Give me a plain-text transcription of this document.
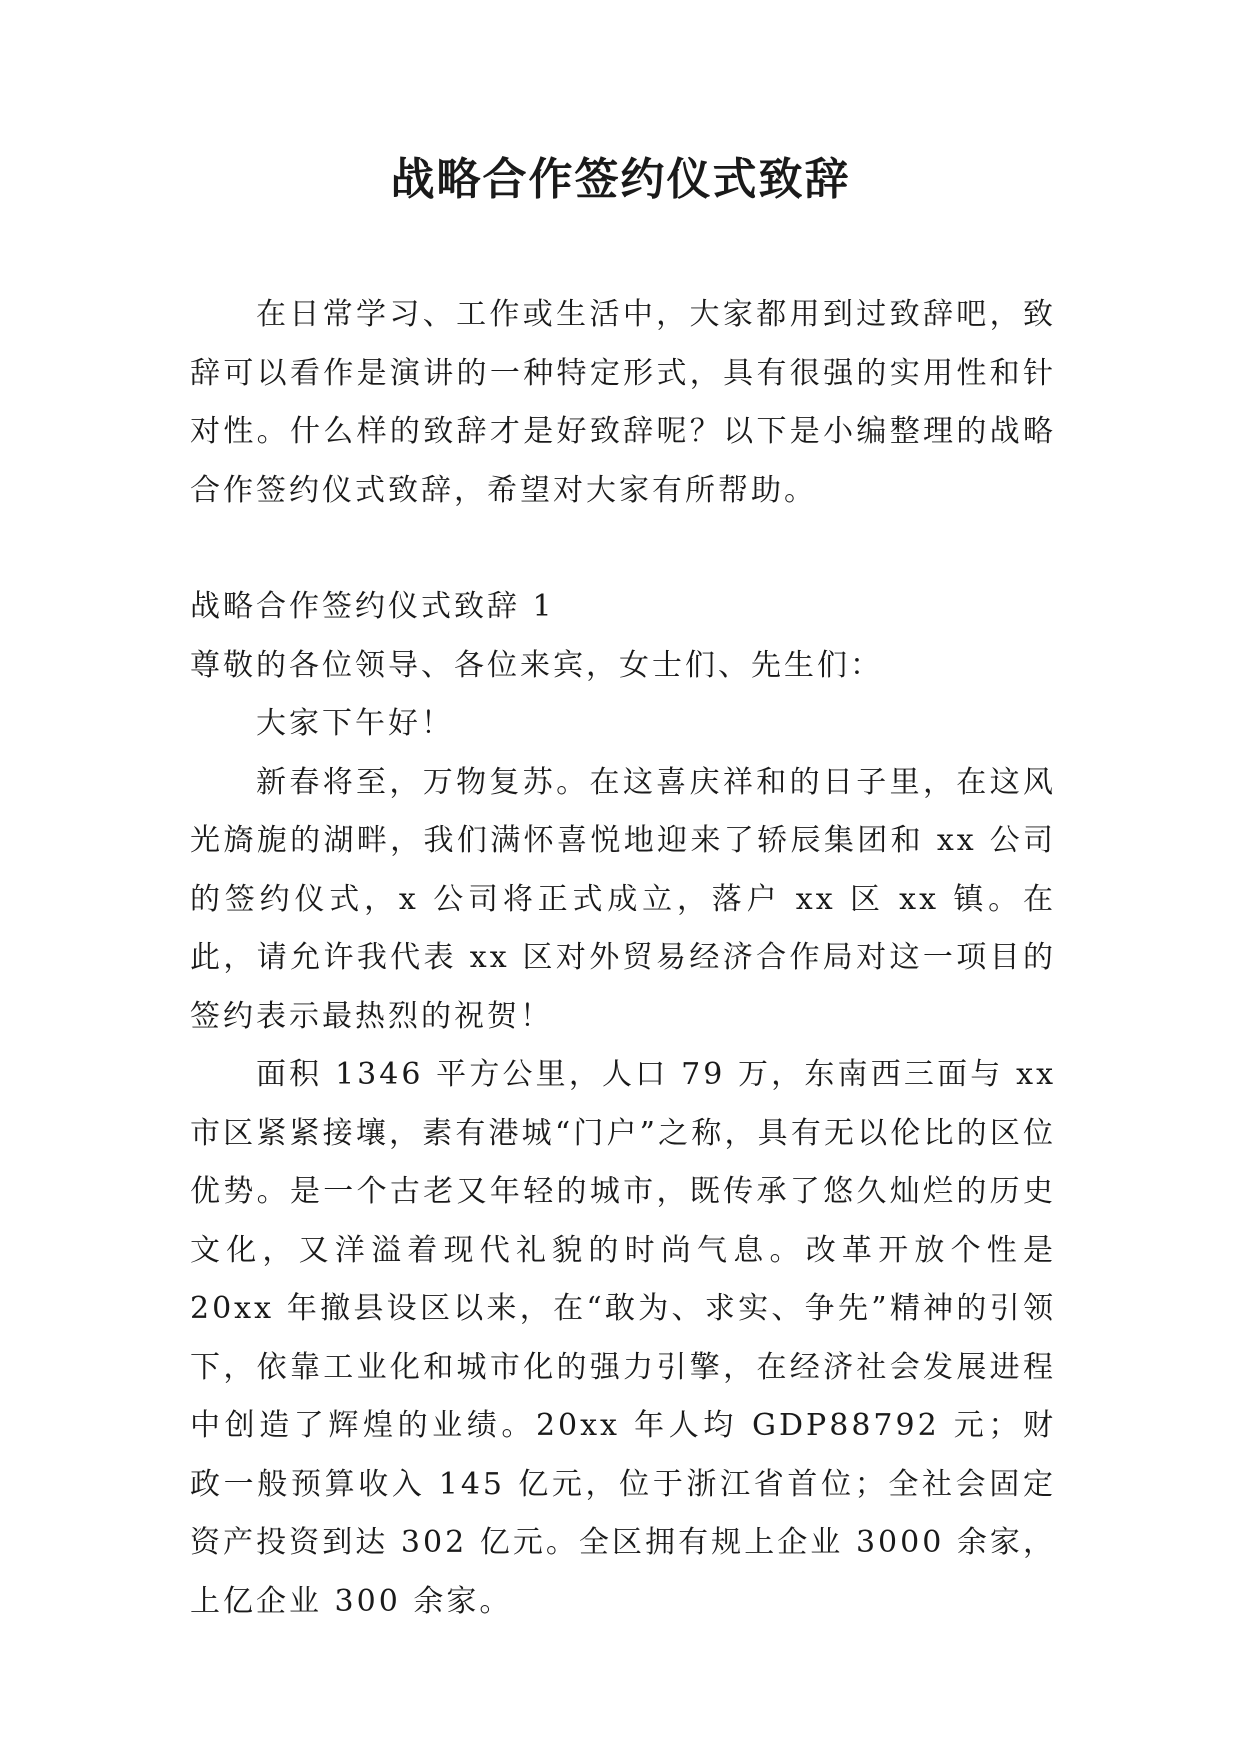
战略合作签约仪式致辞

在日常学习、工作或生活中，大家都用到过致辞吧，致辞可以看作是演讲的一种特定形式，具有很强的实用性和针对性。什么样的致辞才是好致辞呢？以下是小编整理的战略合作签约仪式致辞，希望对大家有所帮助。

战略合作签约仪式致辞 1

尊敬的各位领导、各位来宾，女士们、先生们：

大家下午好！

新春将至，万物复苏。在这喜庆祥和的日子里，在这风光旖旎的湖畔，我们满怀喜悦地迎来了轿辰集团和 xx 公司的签约仪式，x 公司将正式成立，落户 xx 区 xx 镇。在此，请允许我代表 xx 区对外贸易经济合作局对这一项目的签约表示最热烈的祝贺！

面积 1346 平方公里，人口 79 万，东南西三面与 xx 市区紧紧接壤，素有港城“门户”之称，具有无以伦比的区位优势。是一个古老又年轻的城市，既传承了悠久灿烂的历史文化，又洋溢着现代礼貌的时尚气息。改革开放个性是 20xx 年撤县设区以来，在“敢为、求实、争先”精神的引领下，依靠工业化和城市化的强力引擎，在经济社会发展进程中创造了辉煌的业绩。20xx 年人均 GDP88792 元；财政一般预算收入 145 亿元，位于浙江省首位；全社会固定资产投资到达 302 亿元。全区拥有规上企业 3000 余家，上亿企业 300 余家。
